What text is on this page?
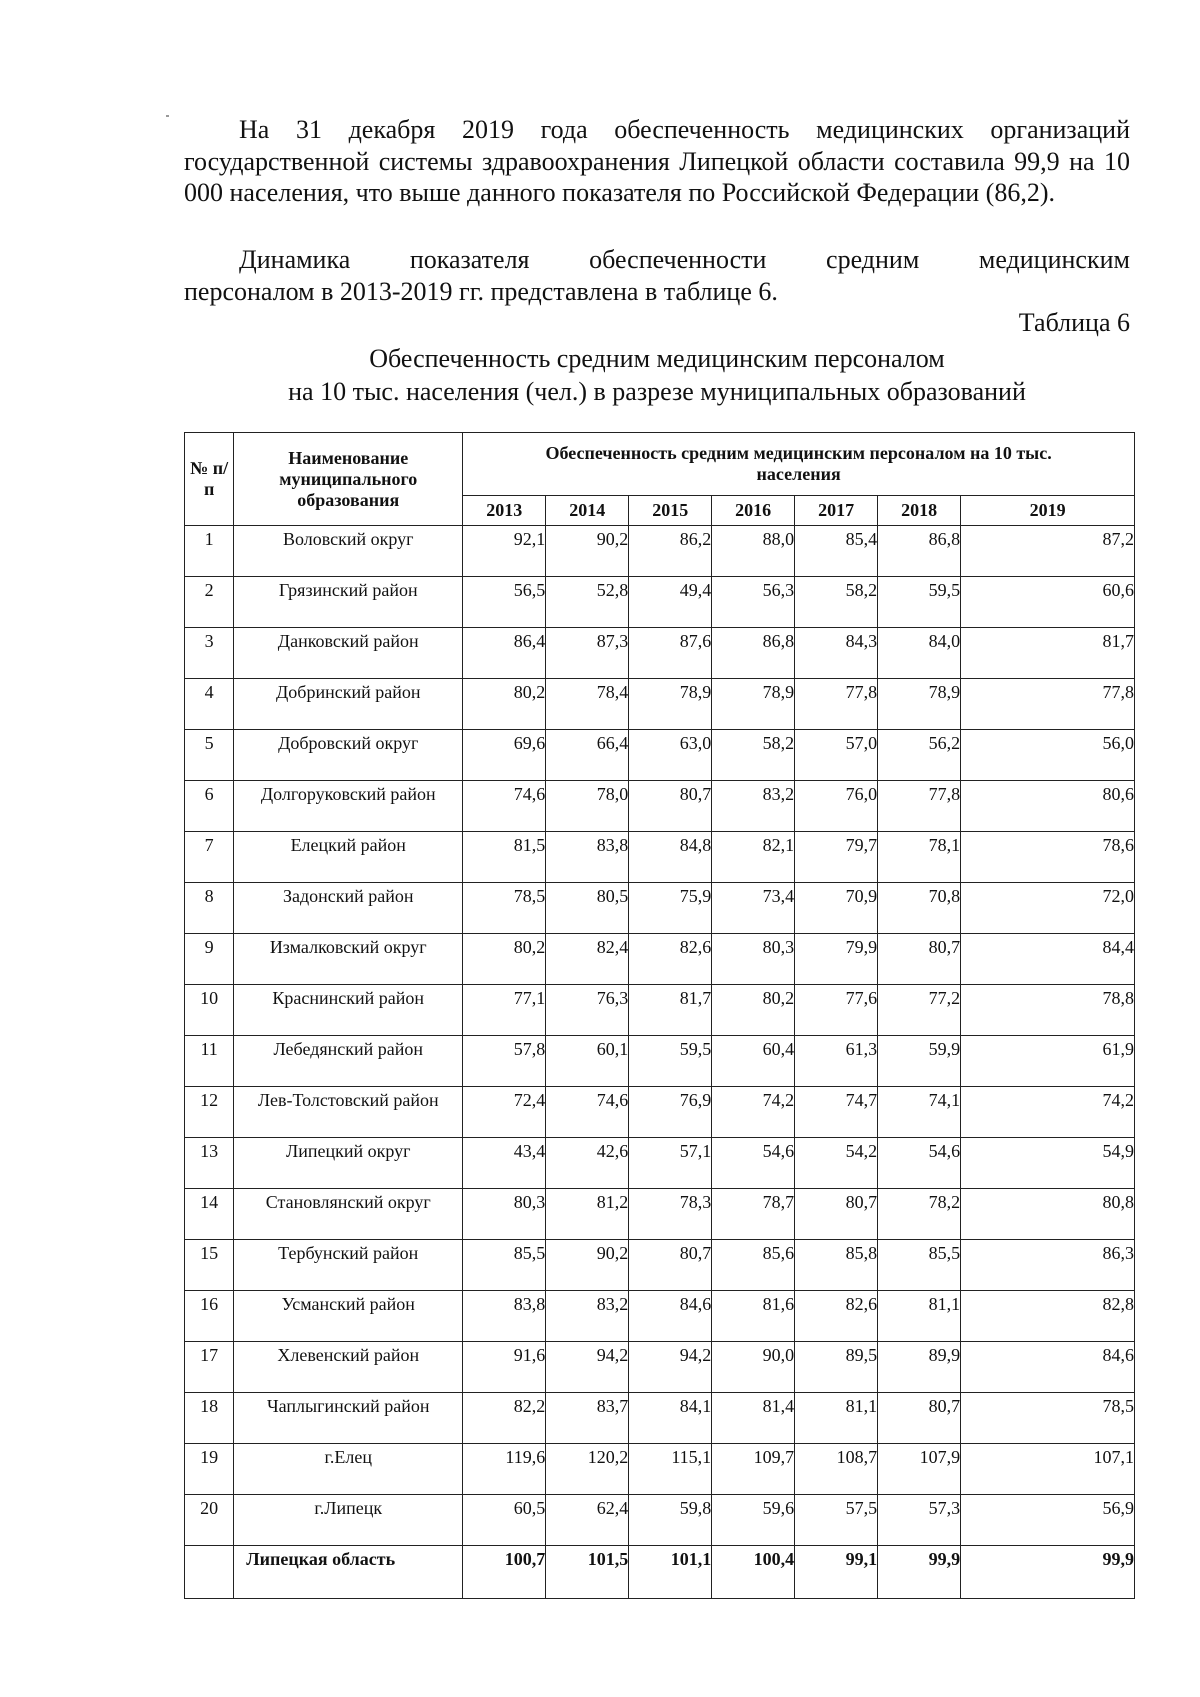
На 31 декабря 2019 года обеспеченность медицинских организаций государственной системы здравоохранения Липецкой области составила 99,9 на 10 000 населения, что выше данного показателя по Российской Федерации (86,2).
Динамика показателя обеспеченности средним медицинским
персоналом в 2013-2019 гг. представлена в таблице 6.
Таблица 6
Обеспеченность средним медицинским персоналом
на 10 тыс. населения (чел.) в разрезе муниципальных образований
№ п/п	Наименование муниципального образования	Обеспеченность средним медицинским персоналом на 10 тыс. населения						
		2013	2014	2015	2016	2017	2018	2019
1	Воловский округ	92,1	90,2	86,2	88,0	85,4	86,8	87,2
2	Грязинский район	56,5	52,8	49,4	56,3	58,2	59,5	60,6
3	Данковский район	86,4	87,3	87,6	86,8	84,3	84,0	81,7
4	Добринский район	80,2	78,4	78,9	78,9	77,8	78,9	77,8
5	Добровский округ	69,6	66,4	63,0	58,2	57,0	56,2	56,0
6	Долгоруковский район	74,6	78,0	80,7	83,2	76,0	77,8	80,6
7	Елецкий район	81,5	83,8	84,8	82,1	79,7	78,1	78,6
8	Задонский район	78,5	80,5	75,9	73,4	70,9	70,8	72,0
9	Измалковский округ	80,2	82,4	82,6	80,3	79,9	80,7	84,4
10	Краснинский район	77,1	76,3	81,7	80,2	77,6	77,2	78,8
11	Лебедянский район	57,8	60,1	59,5	60,4	61,3	59,9	61,9
12	Лев-Толстовский район	72,4	74,6	76,9	74,2	74,7	74,1	74,2
13	Липецкий округ	43,4	42,6	57,1	54,6	54,2	54,6	54,9
14	Становлянский округ	80,3	81,2	78,3	78,7	80,7	78,2	80,8
15	Тербунский район	85,5	90,2	80,7	85,6	85,8	85,5	86,3
16	Усманский район	83,8	83,2	84,6	81,6	82,6	81,1	82,8
17	Хлевенский район	91,6	94,2	94,2	90,0	89,5	89,9	84,6
18	Чаплыгинский район	82,2	83,7	84,1	81,4	81,1	80,7	78,5
19	г.Елец	119,6	120,2	115,1	109,7	108,7	107,9	107,1
20	г.Липецк	60,5	62,4	59,8	59,6	57,5	57,3	56,9
	Липецкая область	100,7	101,5	101,1	100,4	99,1	99,9	99,9
